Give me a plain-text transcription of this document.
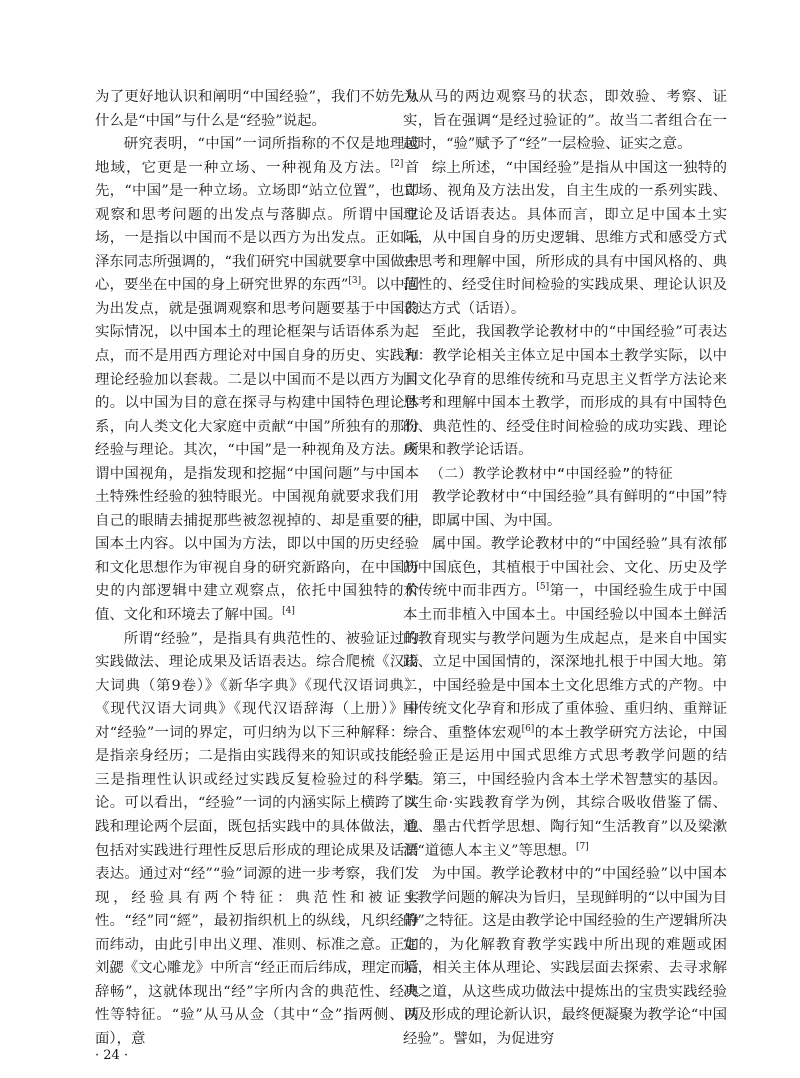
为了更好地认识和阐明“中国经验”，我们不妨先从什么是“中国”与什么是“经验”说起。

研究表明，“中国”一词所指称的不仅是地理或地域，它更是一种立场、一种视角及方法。[2]首先，“中国”是一种立场。立场即“站立位置”，也即观察和思考问题的出发点与落脚点。所谓中国立场，一是指以中国而不是以西方为出发点。正如毛泽东同志所强调的，“我们研究中国就要拿中国做中心，要坐在中国的身上研究世界的东西”[3]。以中国为出发点，就是强调观察和思考问题要基于中国的实际情况，以中国本土的理论框架与话语体系为起点，而不是用西方理论对中国自身的历史、实践和理论经验加以套裁。二是以中国而不是以西方为目的。以中国为目的意在探寻与构建中国特色理论体系，向人类文化大家庭中贡献“中国”所独有的那份经验与理论。其次，“中国”是一种视角及方法。所谓中国视角，是指发现和挖掘“中国问题”与中国本土特殊性经验的独特眼光。中国视角就要求我们用自己的眼睛去捕捉那些被忽视掉的、却是重要的中国本土内容。以中国为方法，即以中国的历史经验和文化思想作为审视自身的研究新路向，在中国历史的内部逻辑中建立观察点，依托中国独特的价值、文化和环境去了解中国。[4]

所谓“经验”，是指具有典范性的、被验证过的实践做法、理论成果及话语表达。综合爬梳《汉语大词典（第9卷）》《新华字典》《现代汉语词典》《现代汉语大词典》《现代汉语辞海（上册）》中对“经验”一词的界定，可归纳为以下三种解释：一是指亲身经历；二是指由实践得来的知识或技能；三是指理性认识或经过实践反复检验过的科学结论。可以看出，“经验”一词的内涵实际上横跨了实践和理论两个层面，既包括实践中的具体做法，也包括对实践进行理性反思后形成的理论成果及话语表达。通过对“经”“验”词源的进一步考察，我们发现，经验具有两个特征：典范性和被证实性。“经”同“經”，最初指织机上的纵线，凡织经静而纬动，由此引申出义理、准则、标准之意。正如刘勰《文心雕龙》中所言“经正而后纬成，理定而后辞畅”，这就体现出“经”字所内含的典范性、经典性等特征。“验”从马从佥（其中“佥”指两侧、两面），意

为从马的两边观察马的状态，即效验、考察、证实，旨在强调“是经过验证的”。故当二者组合在一起时，“验”赋予了“经”一层检验、证实之意。

综上所述，“中国经验”是指从中国这一独特的立场、视角及方法出发，自主生成的一系列实践、理论及话语表达。具体而言，即立足中国本土实际，从中国自身的历史逻辑、思维方式和感受方式去思考和理解中国，所形成的具有中国风格的、典范性的、经受住时间检验的实践成果、理论认识及表达方式（话语）。

至此，我国教学论教材中的“中国经验”可表达为：教学论相关主体立足中国本土教学实际，以中国文化孕育的思维传统和马克思主义哲学方法论来思考和理解中国本土教学，而形成的具有中国特色的、典范性的、经受住时间检验的成功实践、理论成果和教学论话语。

（二）教学论教材中“中国经验”的特征

教学论教材中“中国经验”具有鲜明的“中国”特征，即属中国、为中国。

属中国。教学论教材中的“中国经验”具有浓郁的中国底色，其植根于中国社会、文化、历史及学术传统中而非西方。[5]第一，中国经验生成于中国本土而非植入中国本土。中国经验以中国本土鲜活的教育现实与教学问题为生成起点，是来自中国实践、立足中国国情的，深深地扎根于中国大地。第二，中国经验是中国本土文化思维方式的产物。中国传统文化孕育和形成了重体验、重归纳、重辩证综合、重整体宏观[6]的本土教学研究方法论，中国经验正是运用中国式思维方式思考教学问题的结果。第三，中国经验内含本土学术智慧实的基因。以生命·实践教育学为例，其综合吸收借鉴了儒、道、墨古代哲学思想、陶行知“生活教育”以及梁漱溟“道德人本主义”等思想。[7]

为中国。教学论教材中的“中国经验”以中国本土教学问题的解决为旨归，呈现鲜明的“以中国为目的”之特征。这是由教学论中国经验的生产逻辑所决定的，为化解教育教学实践中所出现的难题或困境，相关主体从理论、实践层面去探索、去寻求解决之道，从这些成功做法中提炼出的宝贵实践经验以及形成的理论新认识，最终便凝聚为教学论“中国经验”。譬如，为促进穷

· 24 ·
